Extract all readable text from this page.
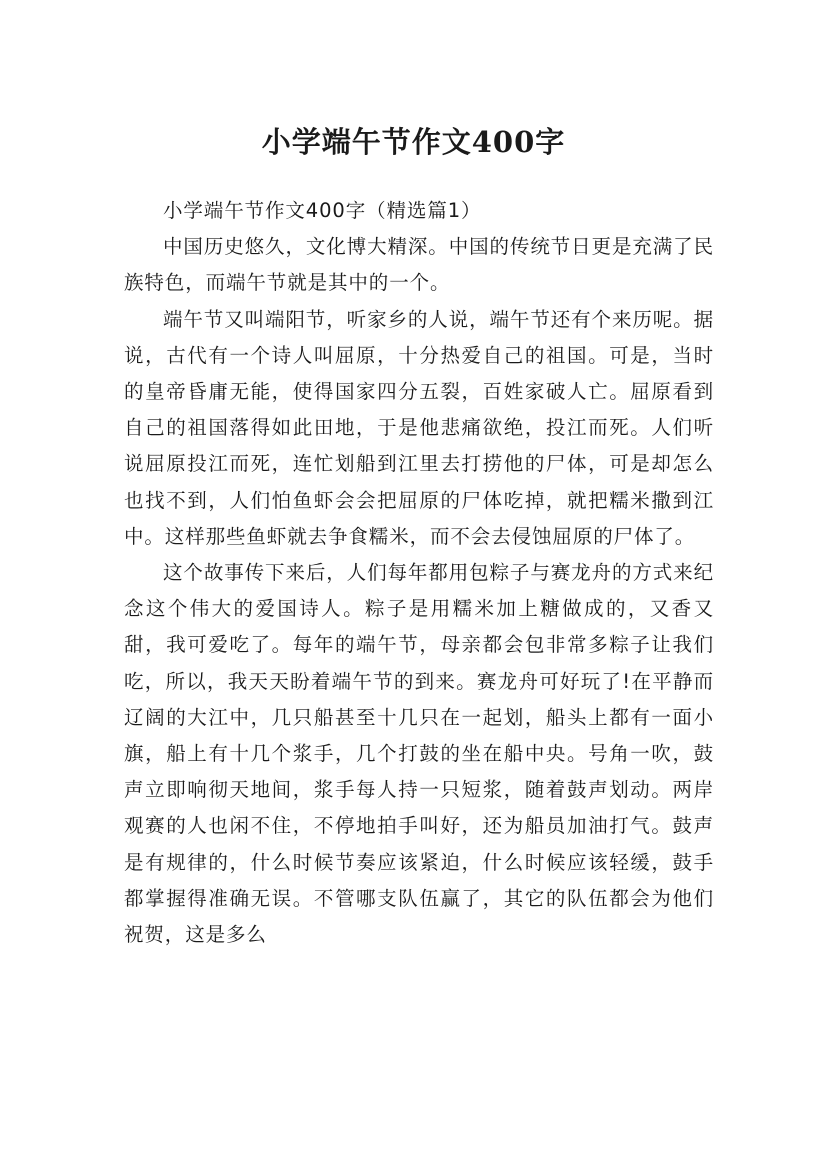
小学端午节作文400字

小学端午节作文400字（精选篇1）

中国历史悠久，文化博大精深。中国的传统节日更是充满了民族特色，而端午节就是其中的一个。

端午节又叫端阳节，听家乡的人说，端午节还有个来历呢。据说，古代有一个诗人叫屈原，十分热爱自己的祖国。可是，当时的皇帝昏庸无能，使得国家四分五裂，百姓家破人亡。屈原看到自己的祖国落得如此田地，于是他悲痛欲绝，投江而死。人们听说屈原投江而死，连忙划船到江里去打捞他的尸体，可是却怎么也找不到，人们怕鱼虾会会把屈原的尸体吃掉，就把糯米撒到江中。这样那些鱼虾就去争食糯米，而不会去侵蚀屈原的尸体了。

这个故事传下来后，人们每年都用包粽子与赛龙舟的方式来纪念这个伟大的爱国诗人。粽子是用糯米加上糖做成的，又香又甜，我可爱吃了。每年的端午节，母亲都会包非常多粽子让我们吃，所以，我天天盼着端午节的到来。赛龙舟可好玩了!在平静而辽阔的大江中，几只船甚至十几只在一起划，船头上都有一面小旗，船上有十几个浆手，几个打鼓的坐在船中央。号角一吹，鼓声立即响彻天地间，浆手每人持一只短浆，随着鼓声划动。两岸观赛的人也闲不住，不停地拍手叫好，还为船员加油打气。鼓声是有规律的，什么时候节奏应该紧迫，什么时候应该轻缓，鼓手都掌握得准确无误。不管哪支队伍赢了，其它的队伍都会为他们祝贺，这是多么
